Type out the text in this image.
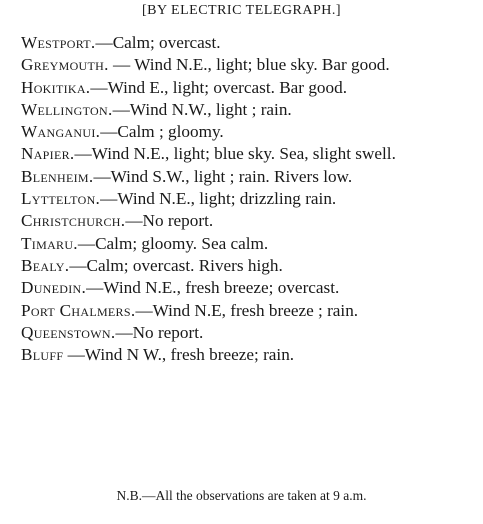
[BY ELECTRIC TELEGRAPH.]

Westport.—Calm; overcast.

Greymouth. — Wind N.E., light; blue sky. Bar good.

Hokitika.—Wind E., light; overcast. Bar good.

Wellington.—Wind N.W., light ; rain.

Wanganui.—Calm ; gloomy.

Napier.—Wind N.E., light; blue sky. Sea, slight swell.

Blenheim.—Wind S.W., light ; rain. Rivers low.

Lyttelton.—Wind N.E., light; drizzling rain.

Christchurch.—No report.

Timaru.—Calm; gloomy. Sea calm.

Bealy.—Calm; overcast. Rivers high.

Dunedin.—Wind N.E., fresh breeze; overcast.

Port Chalmers.—Wind N.E, fresh breeze ; rain.

Queenstown.—No report.

Bluff —Wind N W., fresh breeze; rain.

N.B.—All the observations are taken at 9 a.m.
